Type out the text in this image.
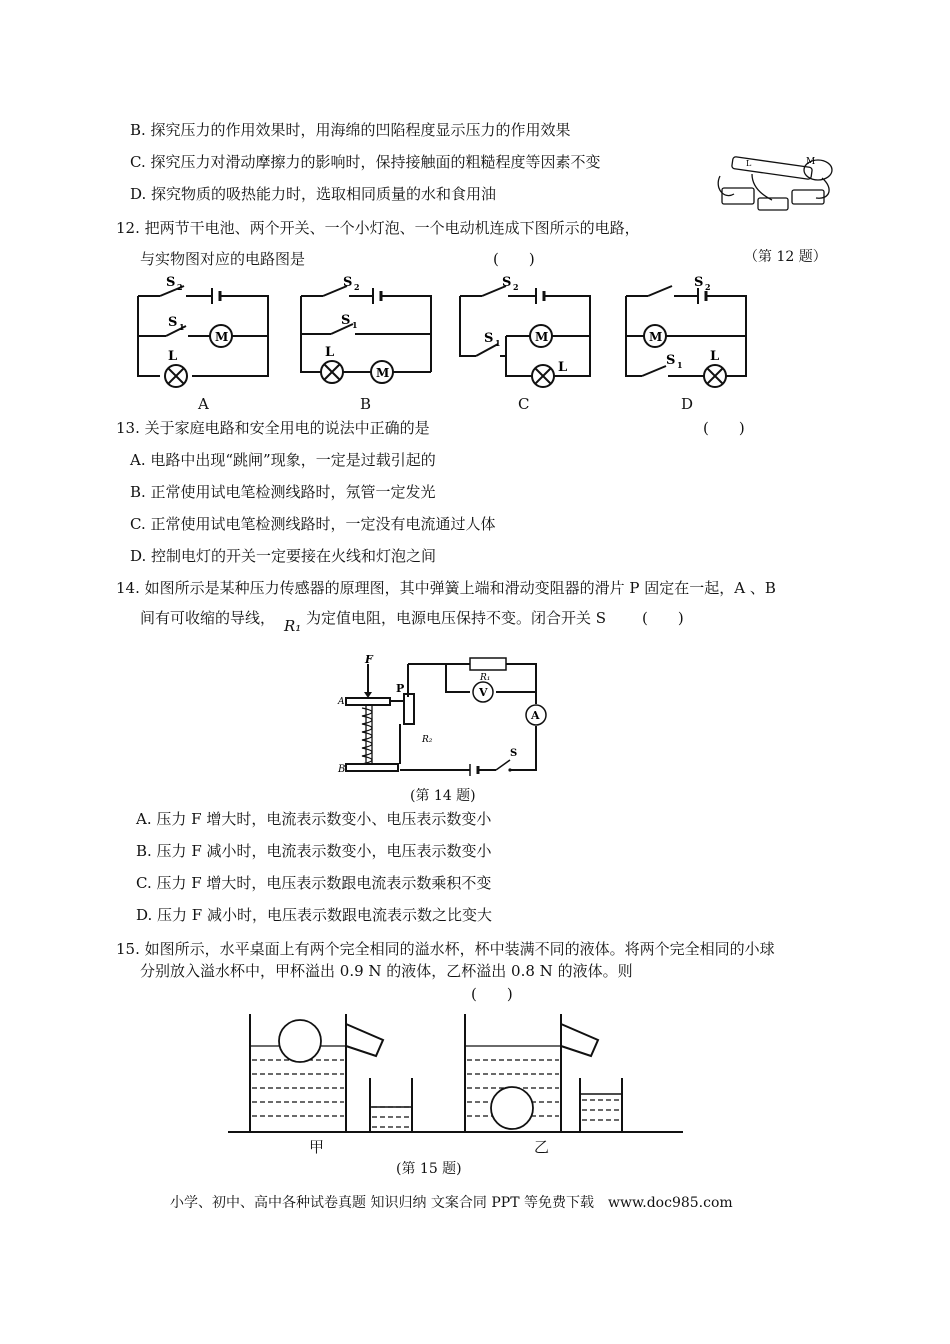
B. 探究压力的作用效果时，用海绵的凹陷程度显示压力的作用效果
C. 探究压力对滑动摩擦力的影响时，保持接触面的粗糙程度等因素不变
D. 探究物质的吸热能力时，选取相同质量的水和食用油
L	M
（第 12 题）
12. 把两节干电池、两个开关、一个小灯泡、一个电动机连成下图所示的电路，
与实物图对应的电路图是	(　　)
M
S 2
S 1
L
M
S 2
S 1
L
M
S 2
S 1
L
M
S 2
S 1
L
A	B	C	D
13. 关于家庭电路和安全用电的说法中正确的是	(　　)
A. 电路中出现“跳闸”现象，一定是过载引起的
B. 正常使用试电笔检测线路时，氖管一定发光
C. 正常使用试电笔检测线路时，一定没有电流通过人体
D. 控制电灯的开关一定要接在火线和灯泡之间
14. 如图所示是某种压力传感器的原理图，其中弹簧上端和滑动变阻器的滑片 P 固定在一起，A 、B
间有可收缩的导线， R₁ 为定值电阻，电源电压保持不变。闭合开关 S (　　)
F
A
B
P
R₁
R₂
V
A
S
(第 14 题)
A. 压力 F 增大时，电流表示数变小、电压表示数变小
B. 压力 F 减小时，电流表示数变小，电压表示数变小
C. 压力 F 增大时，电压表示数跟电流表示数乘积不变
D. 压力 F 减小时，电压表示数跟电流表示数之比变大
15. 如图所示，水平桌面上有两个完全相同的溢水杯，杯中装满不同的液体。将两个完全相同的小球
分别放入溢水杯中，甲杯溢出 0.9 N 的液体，乙杯溢出 0.8 N 的液体。则
(　　)
甲	乙
(第 15 题)
小学、初中、高中各种试卷真题 知识归纳 文案合同 PPT 等免费下载　www.doc985.com
